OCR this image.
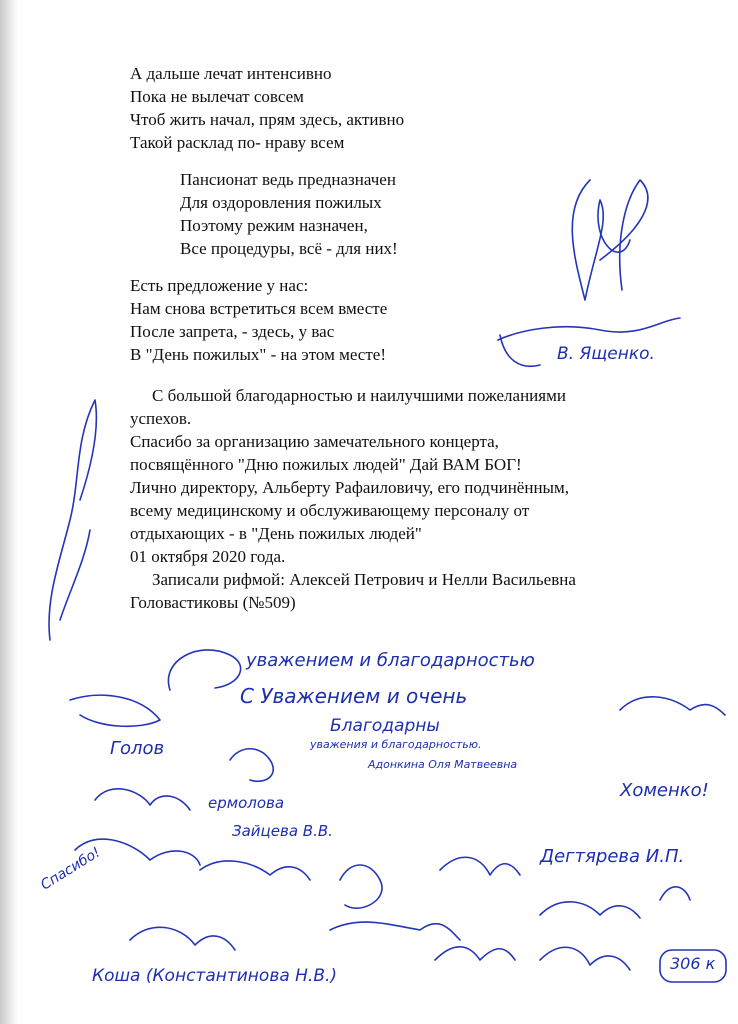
А дальше лечат интенсивно
Пока не вылечат совсем
Чтоб жить начал, прям здесь, активно
Такой расклад по- нраву всем
Пансионат ведь предназначен
Для оздоровления пожилых
Поэтому режим назначен,
Все процедуры, всё - для них!
Есть предложение у нас:
Нам снова встретиться всем вместе
После запрета, - здесь, у вас
В "День пожилых" - на этом месте!
С большой благодарностью и наилучшими пожеланиями
успехов.
Спасибо за организацию замечательного концерта,
посвящённого "Дню пожилых людей" Дай ВАМ БОГ!
Лично директору, Альберту Рафаиловичу, его подчинённым,
всему медицинскому и обслуживающему персоналу от
отдыхающих - в "День пожилых людей"
01 октября 2020 года.
Записали рифмой: Алексей Петрович и Нелли Васильевна
Головастиковы (№509)
В. Ященко.
уважением и благодарностью
С Уважением и очень
Благодарны
уважения и благодарностью.
Адонкина Оля Матвеевна
Голов
ермолова
Зайцева В.В.
Хоменко!
Дегтярева И.П.
Спасибо!
Коша (Константинова Н.В.)
306 к
